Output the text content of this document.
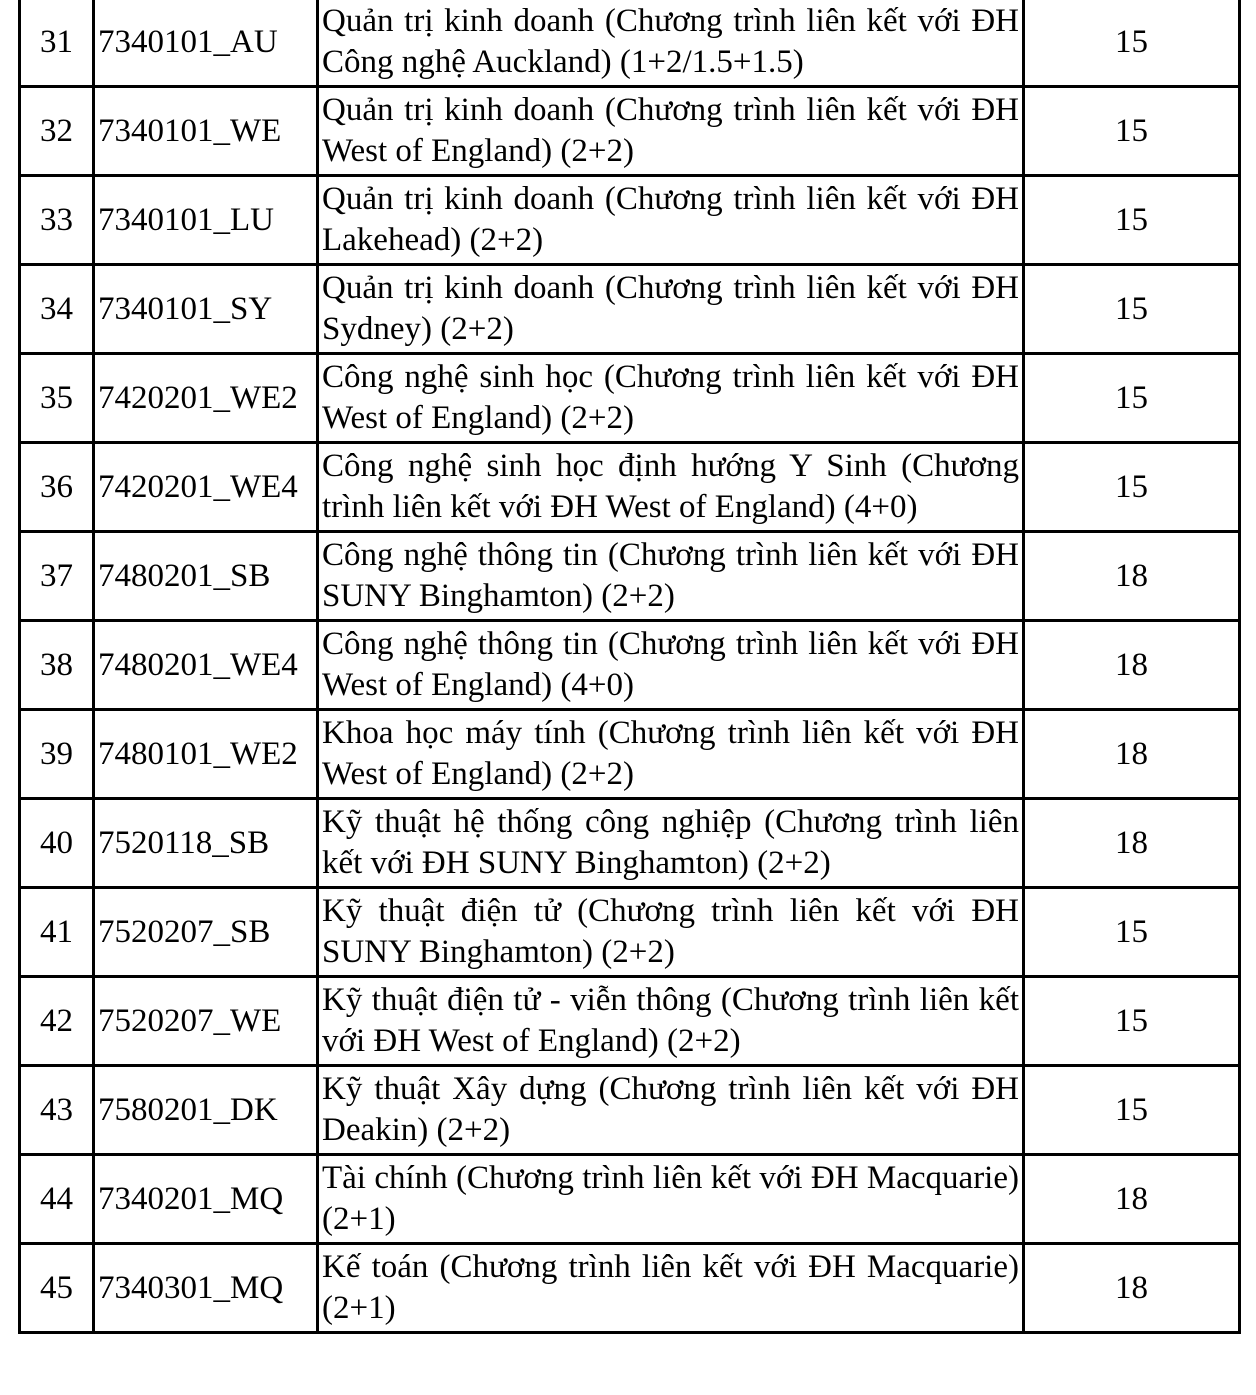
31	7340101_AU	Quản trị kinh doanh (Chương trình liên kết với ĐH Công nghệ Auckland) (1+2/1.5+1.5)	15
32	7340101_WE	Quản trị kinh doanh (Chương trình liên kết với ĐH West of England) (2+2)	15
33	7340101_LU	Quản trị kinh doanh (Chương trình liên kết với ĐH Lakehead) (2+2)	15
34	7340101_SY	Quản trị kinh doanh (Chương trình liên kết với ĐH Sydney) (2+2)	15
35	7420201_WE2	Công nghệ sinh học (Chương trình liên kết với ĐH West of England) (2+2)	15
36	7420201_WE4	Công nghệ sinh học định hướng Y Sinh (Chương trình liên kết với ĐH West of England) (4+0)	15
37	7480201_SB	Công nghệ thông tin (Chương trình liên kết với ĐH SUNY Binghamton) (2+2)	18
38	7480201_WE4	Công nghệ thông tin (Chương trình liên kết với ĐH West of England) (4+0)	18
39	7480101_WE2	Khoa học máy tính (Chương trình liên kết với ĐH West of England) (2+2)	18
40	7520118_SB	Kỹ thuật hệ thống công nghiệp (Chương trình liên kết với ĐH SUNY Binghamton) (2+2)	18
41	7520207_SB	Kỹ thuật điện tử (Chương trình liên kết với ĐH SUNY Binghamton) (2+2)	15
42	7520207_WE	Kỹ thuật điện tử - viễn thông (Chương trình liên kết với ĐH West of England) (2+2)	15
43	7580201_DK	Kỹ thuật Xây dựng (Chương trình liên kết với ĐH Deakin) (2+2)	15
44	7340201_MQ	Tài chính (Chương trình liên kết với ĐH Macquarie) (2+1)	18
45	7340301_MQ	Kế toán (Chương trình liên kết với ĐH Macquarie) (2+1)	18
